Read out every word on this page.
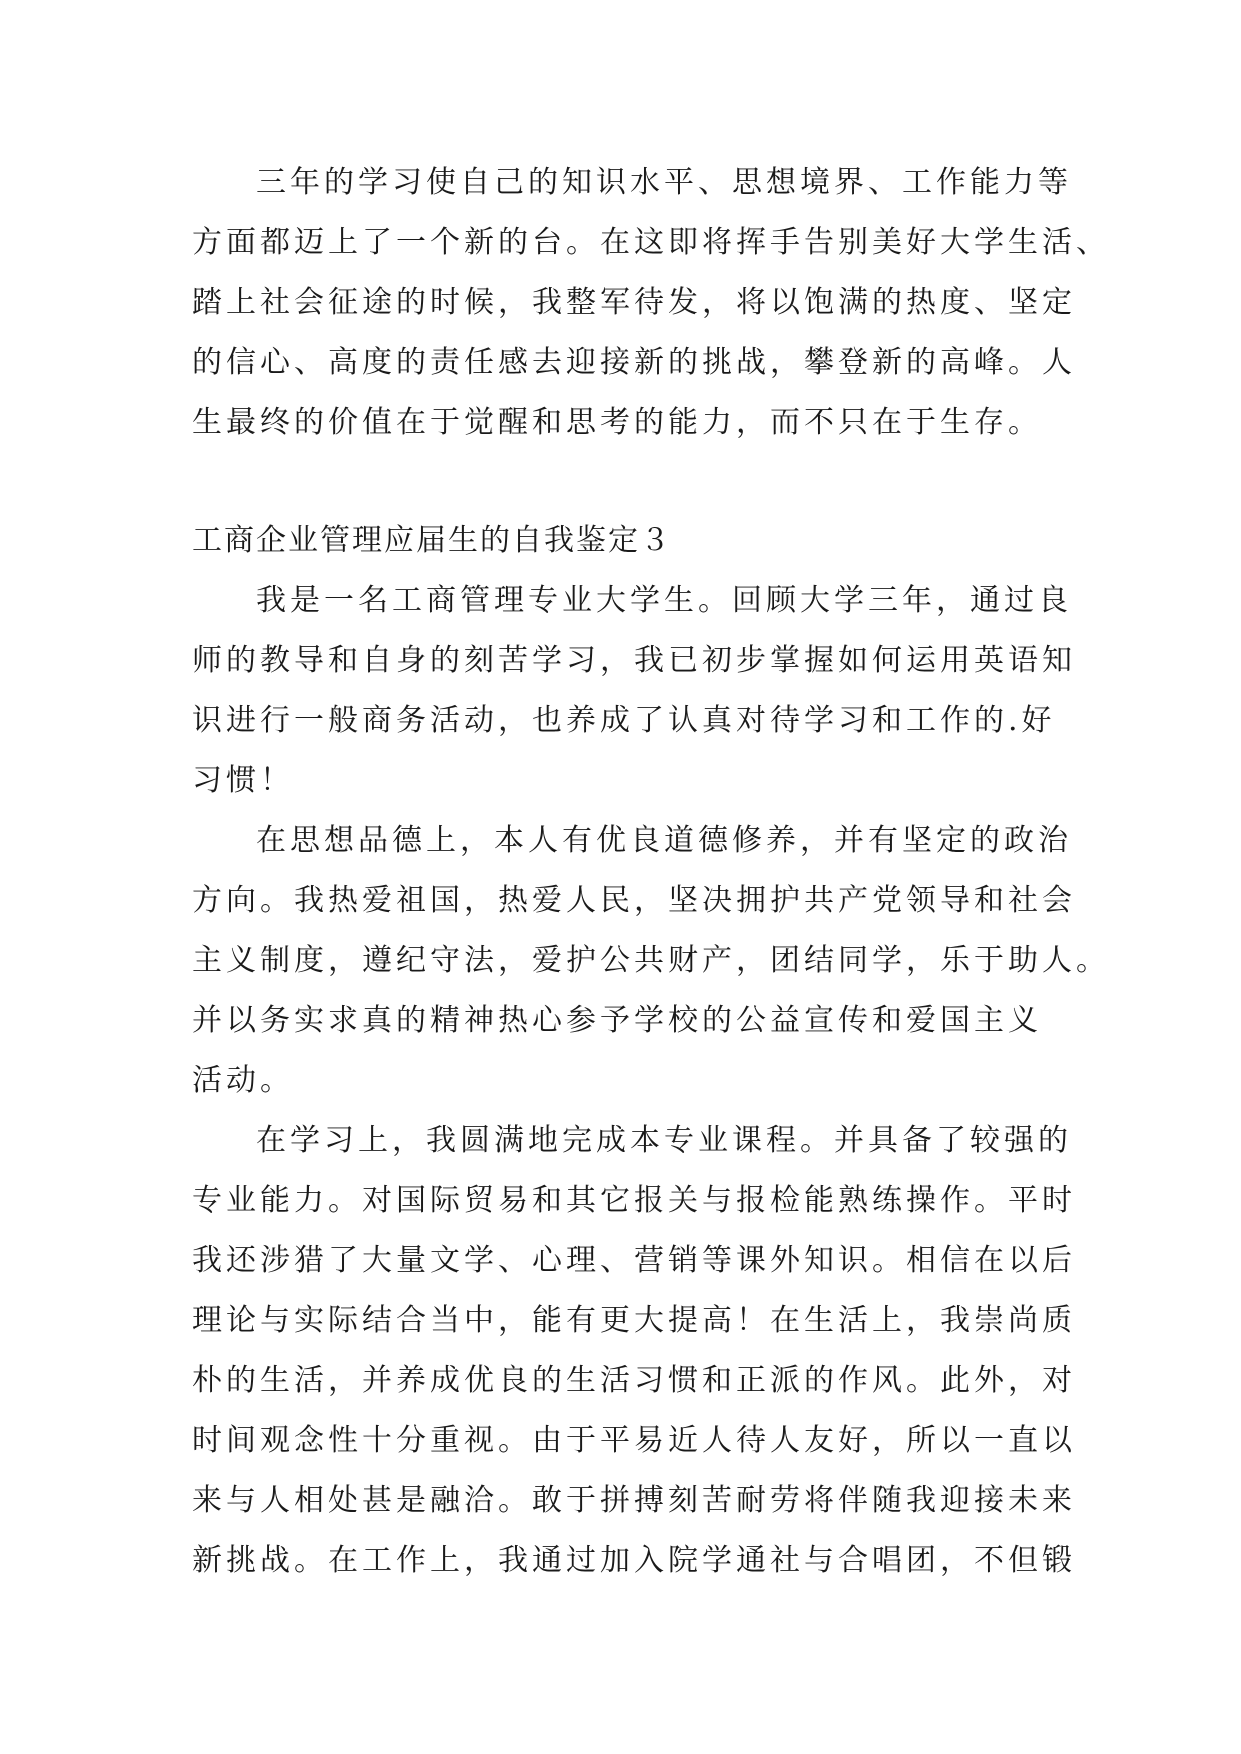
三年的学习使自己的知识水平、思想境界、工作能力等
方面都迈上了一个新的台。在这即将挥手告别美好大学生活、
踏上社会征途的时候，我整军待发，将以饱满的热度、坚定
的信心、高度的责任感去迎接新的挑战，攀登新的高峰。人
生最终的价值在于觉醒和思考的能力，而不只在于生存。
工商企业管理应届生的自我鉴定３
我是一名工商管理专业大学生。回顾大学三年，通过良
师的教导和自身的刻苦学习，我已初步掌握如何运用英语知
识进行一般商务活动，也养成了认真对待学习和工作的.好
习惯！
在思想品德上，本人有优良道德修养，并有坚定的政治
方向。我热爱祖国，热爱人民，坚决拥护共产党领导和社会
主义制度，遵纪守法，爱护公共财产，团结同学，乐于助人。
并以务实求真的精神热心参予学校的公益宣传和爱国主义
活动。
在学习上，我圆满地完成本专业课程。并具备了较强的
专业能力。对国际贸易和其它报关与报检能熟练操作。平时
我还涉猎了大量文学、心理、营销等课外知识。相信在以后
理论与实际结合当中，能有更大提高！在生活上，我崇尚质
朴的生活，并养成优良的生活习惯和正派的作风。此外，对
时间观念性十分重视。由于平易近人待人友好，所以一直以
来与人相处甚是融洽。敢于拼搏刻苦耐劳将伴随我迎接未来
新挑战。在工作上，我通过加入院学通社与合唱团，不但锻
